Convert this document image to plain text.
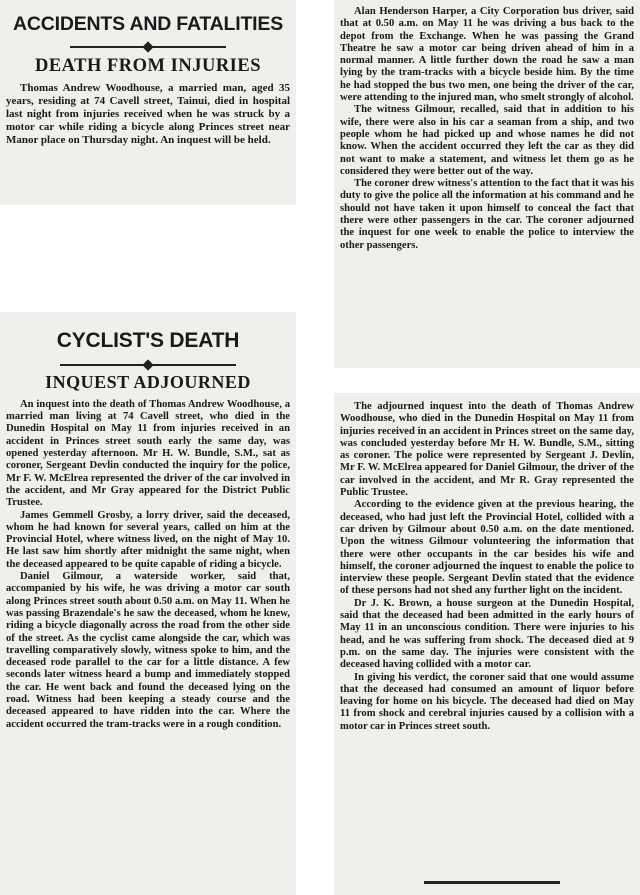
ACCIDENTS AND FATALITIES
DEATH FROM INJURIES

Thomas Andrew Woodhouse, a married man, aged 35 years, residing at 74 Cavell street, Tainui, died in hospital last night from injuries received when he was struck by a motor car while riding a bicycle along Princes street near Manor place on Thursday night. An inquest will be held.

CYCLIST'S DEATH
INQUEST ADJOURNED

An inquest into the death of Thomas Andrew Woodhouse, a married man living at 74 Cavell street, who died in the Dunedin Hospital on May 11 from injuries received in an accident in Princes street south early the same day, was opened yesterday afternoon. Mr H. W. Bundle, S.M., sat as coroner, Sergeant Devlin conducted the inquiry for the police, Mr F. W. McElrea represented the driver of the car involved in the accident, and Mr Gray appeared for the District Public Trustee.

James Gemmell Grosby, a lorry driver, said the deceased, whom he had known for several years, called on him at the Provincial Hotel, where witness lived, on the night of May 10. He last saw him shortly after midnight the same night, when the deceased appeared to be quite capable of riding a bicycle.

Daniel Gilmour, a waterside worker, said that, accompanied by his wife, he was driving a motor car south along Princes street south about 0.50 a.m. on May 11. When he was passing Brazendale's he saw the deceased, whom he knew, riding a bicycle diagonally across the road from the other side of the street. As the cyclist came alongside the car, which was travelling comparatively slowly, witness spoke to him, and the deceased rode parallel to the car for a little distance. A few seconds later witness heard a bump and immediately stopped the car. He went back and found the deceased lying on the road. Witness had been keeping a steady course and the deceased appeared to have ridden into the car. Where the accident occurred the tram-tracks were in a rough condition.

Alan Henderson Harper, a City Corporation bus driver, said that at 0.50 a.m. on May 11 he was driving a bus back to the depot from the Exchange. When he was passing the Grand Theatre he saw a motor car being driven ahead of him in a normal manner. A little further down the road he saw a man lying by the tram-tracks with a bicycle beside him. By the time he had stopped the bus two men, one being the driver of the car, were attending to the injured man, who smelt strongly of alcohol.

The witness Gilmour, recalled, said that in addition to his wife, there were also in his car a seaman from a ship, and two people whom he had picked up and whose names he did not know. When the accident occurred they left the car as they did not want to make a statement, and witness let them go as he considered they were better out of the way.

The coroner drew witness's attention to the fact that it was his duty to give the police all the information at his command and he should not have taken it upon himself to conceal the fact that there were other passengers in the car. The coroner adjourned the inquest for one week to enable the police to interview the other passengers.

The adjourned inquest into the death of Thomas Andrew Woodhouse, who died in the Dunedin Hospital on May 11 from injuries received in an accident in Princes street on the same day, was concluded yesterday before Mr H. W. Bundle, S.M., sitting as coroner. The police were represented by Sergeant J. Devlin, Mr F. W. McElrea appeared for Daniel Gilmour, the driver of the car involved in the accident, and Mr R. Gray represented the Public Trustee.

According to the evidence given at the previous hearing, the deceased, who had just left the Provincial Hotel, collided with a car driven by Gilmour about 0.50 a.m. on the date mentioned. Upon the witness Gilmour volunteering the information that there were other occupants in the car besides his wife and himself, the coroner adjourned the inquest to enable the police to interview these people. Sergeant Devlin stated that the evidence of these persons had not shed any further light on the incident.

Dr J. K. Brown, a house surgeon at the Dunedin Hospital, said that the deceased had been admitted in the early hours of May 11 in an unconscious condition. There were injuries to his head, and he was suffering from shock. The deceased died at 9 p.m. on the same day. The injuries were consistent with the deceased having collided with a motor car.

In giving his verdict, the coroner said that one would assume that the deceased had consumed an amount of liquor before leaving for home on his bicycle. The deceased had died on May 11 from shock and cerebral injuries caused by a collision with a motor car in Princes street south.
